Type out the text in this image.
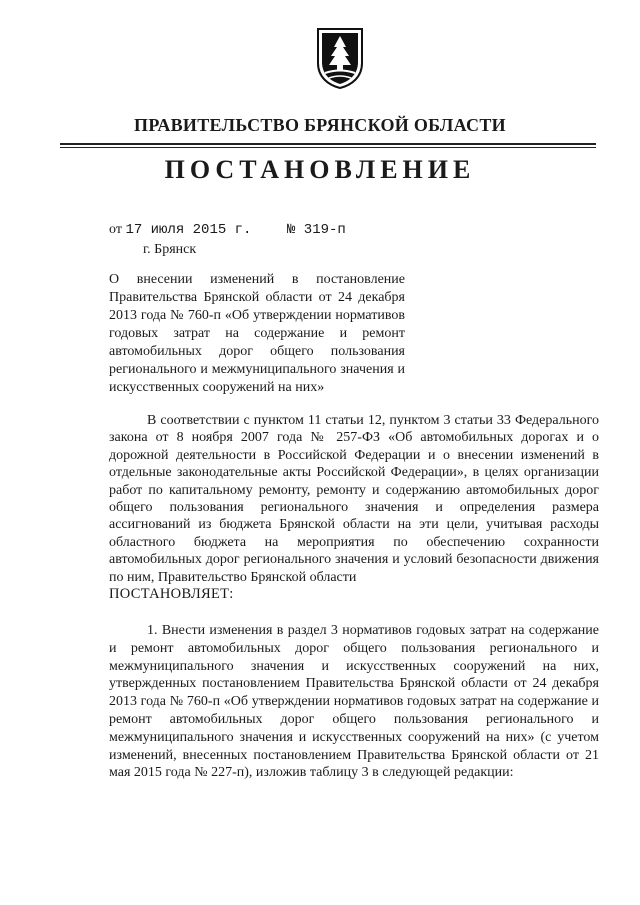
ПРАВИТЕЛЬСТВО БРЯНСКОЙ ОБЛАСТИ
ПОСТАНОВЛЕНИЕ
от 17 июля 2015 г.	№ 319-п
г. Брянск

О внесении изменений в постановление Правительства Брянской области от 24 декабря 2013 года № 760-п «Об утверждении нормативов годовых затрат на содержание и ремонт автомобильных дорог общего пользования регионального и межмуниципального значения и искусственных сооружений на них»

В соответствии с пунктом 11 статьи 12, пунктом 3 статьи 33 Федерального закона от 8 ноября 2007 года № 257-ФЗ «Об автомобильных дорогах и о дорожной деятельности в Российской Федерации и о внесении изменений в отдельные законодательные акты Российской Федерации», в целях организации работ по капитальному ремонту, ремонту и содержанию автомобильных дорог общего пользования регионального значения и определения размера ассигнований из бюджета Брянской области на эти цели, учитывая расходы областного бюджета на мероприятия по обеспечению сохранности автомобильных дорог регионального значения и условий безопасности движения по ним, Правительство Брянской области

ПОСТАНОВЛЯЕТ:

1. Внести изменения в раздел 3 нормативов годовых затрат на содержание и ремонт автомобильных дорог общего пользования регионального и межмуниципального значения и искусственных сооружений на них, утвержденных постановлением Правительства Брянской области от 24 декабря 2013 года № 760-п «Об утверждении нормативов годовых затрат на содержание и ремонт автомобильных дорог общего пользования регионального и межмуниципального значения и искусственных сооружений на них» (с учетом изменений, внесенных постановлением Правительства Брянской области от 21 мая 2015 года № 227-п), изложив таблицу 3 в следующей редакции:
